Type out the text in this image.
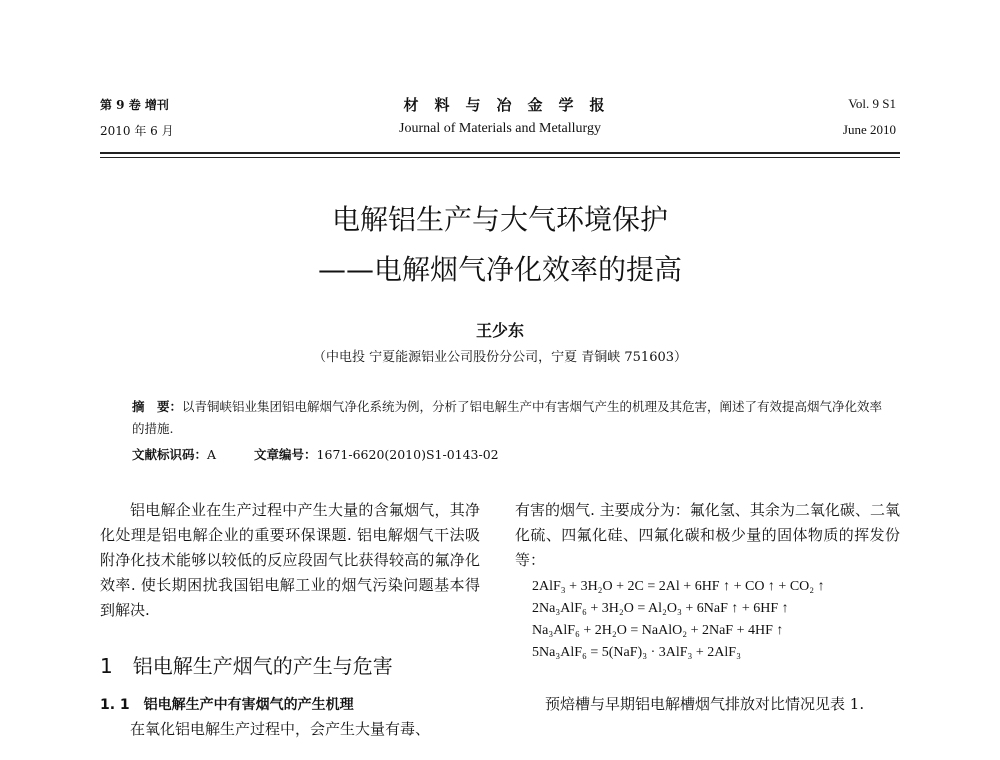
第 9 卷 增刊
2010 年 6 月
材料与冶金学报
Journal of Materials and Metallurgy
Vol. 9 S1
June 2010
电解铝生产与大气环境保护
——电解烟气净化效率的提高
王少东
（中电投 宁夏能源铝业公司股份分公司，宁夏 青铜峡 751603）
摘　要：以青铜峡铝业集团铝电解烟气净化系统为例，分析了铝电解生产中有害烟气产生的机理及其危害，阐述了有效提高烟气净化效率的措施.
文献标识码：A	文章编号：1671-6620(2010)S1-0143-02

铝电解企业在生产过程中产生大量的含氟烟气，其净化处理是铝电解企业的重要环保课题. 铝电解烟气干法吸附净化技术能够以较低的反应段固气比获得较高的氟净化效率. 使长期困扰我国铝电解工业的烟气污染问题基本得到解决.

1　铝电解生产烟气的产生与危害
1. 1　铝电解生产中有害烟气的产生机理

在氧化铝电解生产过程中，会产生大量有毒、

有害的烟气. 主要成分为：氟化氢、其余为二氧化碳、二氧化硫、四氟化硅、四氟化碳和极少量的固体物质的挥发份等：

2AlF₃ + 3H₂O + 2C = 2Al + 6HF ↑ + CO ↑ + CO₂ ↑
2Na₃AlF₆ + 3H₂O = Al₂O₃ + 6NaF ↑ + 6HF ↑
Na₃AlF₆ + 2H₂O = NaAlO₂ + 2NaF + 4HF ↑
5Na₃AlF₆ = 5(NaF)₃ · 3AlF₃ + 2AlF₃

预焙槽与早期铝电解槽烟气排放对比情况见表 1.
